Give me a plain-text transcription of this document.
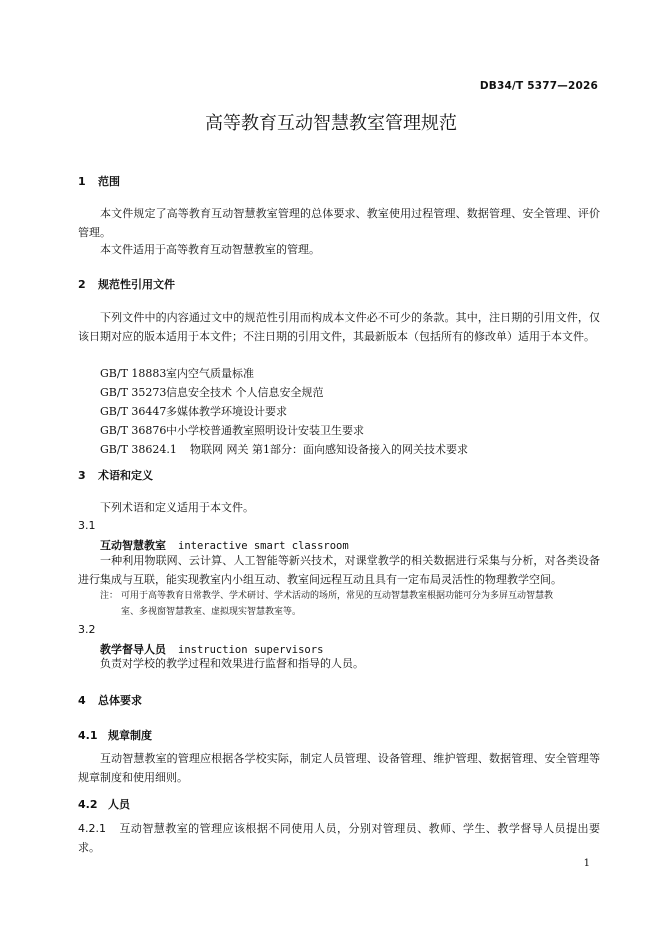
DB34/T 5377—2026
高等教育互动智慧教室管理规范
1 范围
本文件规定了高等教育互动智慧教室管理的总体要求、教室使用过程管理、数据管理、安全管理、评价管理。
本文件适用于高等教育互动智慧教室的管理。
2 规范性引用文件
下列文件中的内容通过文中的规范性引用而构成本文件必不可少的条款。其中，注日期的引用文件，仅该日期对应的版本适用于本文件；不注日期的引用文件，其最新版本（包括所有的修改单）适用于本文件。
GB/T 18883室内空气质量标准
GB/T 35273信息安全技术 个人信息安全规范
GB/T 36447多媒体教学环境设计要求
GB/T 36876中小学校普通教室照明设计安装卫生要求
GB/T 38624.1 物联网 网关 第1部分：面向感知设备接入的网关技术要求
3 术语和定义
下列术语和定义适用于本文件。
3.1
互动智慧教室 interactive smart classroom
一种利用物联网、云计算、人工智能等新兴技术，对课堂教学的相关数据进行采集与分析，对各类设备进行集成与互联，能实现教室内小组互动、教室间远程互动且具有一定布局灵活性的物理教学空间。
注： 可用于高等教育日常教学、学术研讨、学术活动的场所，常见的互动智慧教室根据功能可分为多屏互动智慧教
室、多视窗智慧教室、虚拟现实智慧教室等。
3.2
教学督导人员 instruction supervisors
负责对学校的教学过程和效果进行监督和指导的人员。
4 总体要求
4.1 规章制度
互动智慧教室的管理应根据各学校实际，制定人员管理、设备管理、维护管理、数据管理、安全管理等规章制度和使用细则。
4.2 人员
4.2.1 互动智慧教室的管理应该根据不同使用人员，分别对管理员、教师、学生、教学督导人员提出要求。
1
